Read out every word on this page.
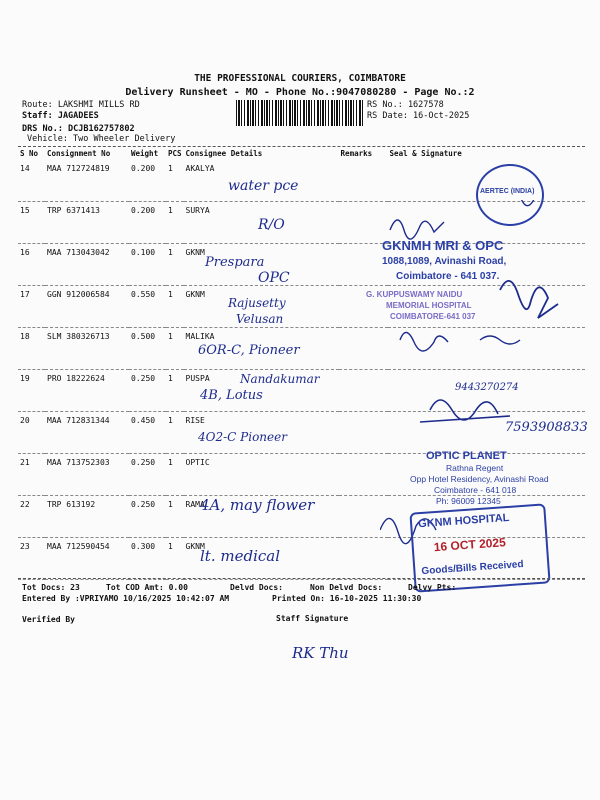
THE PROFESSIONAL COURIERS, COIMBATORE
Delivery Runsheet - MO - Phone No.:9047080280 - Page No.:2
Route: LAKSHMI MILLS RD
Staff: JAGADEES
DRS No.: DCJB162757802
Vehicle: Two Wheeler Delivery
RS No.: 1627578
RS Date: 16-Oct-2025
S No	Consignment No	Weight	PCS	Consignee Details	Remarks	Seal & Signature
14	MAA 712724819	0.200	1	AKALYA		
15	TRP 6371413	0.200	1	SURYA		
16	MAA 713043042	0.100	1	GKNM		
17	GGN 912006584	0.550	1	GKNM		
18	SLM 380326713	0.500	1	MALIKA		
19	PRO 18222624	0.250	1	PUSPA		
20	MAA 712831344	0.450	1	RISE		
21	MAA 713752303	0.250	1	OPTIC		
22	TRP 613192	0.250	1	RAMA		
23	MAA 712590454	0.300	1	GKNM		
water pce
R/O
Prespara
OPC
Rajusetty
Velusan
6OR-C, Pioneer
Nandakumar
4B, Lotus
4O2-C Pioneer
4A, may flower
lt. medical
9443270274
7593908833
RK Thu
AERTEC (INDIA)
GKNMH MRI & OPC
1088,1089, Avinashi Road,
Coimbatore - 641 037.
G. KUPPUSWAMY NAIDU
MEMORIAL HOSPITAL
COIMBATORE-641 037
OPTIC PLANET
Rathna Regent
Opp Hotel Residency, Avinashi Road
Coimbatore - 641 018
Ph: 96009 12345
GKNM HOSPITAL
16 OCT 2025
Goods/Bills Received
Tot Docs: 23	Tot COD Amt: 0.00	Delvd Docs:	Non Delvd Docs:	Delvy Pts:
Entered By :VPRIYAMO 10/16/2025 10:42:07 AM	Printed On: 16-10-2025 11:30:30
Verified By	Staff Signature
